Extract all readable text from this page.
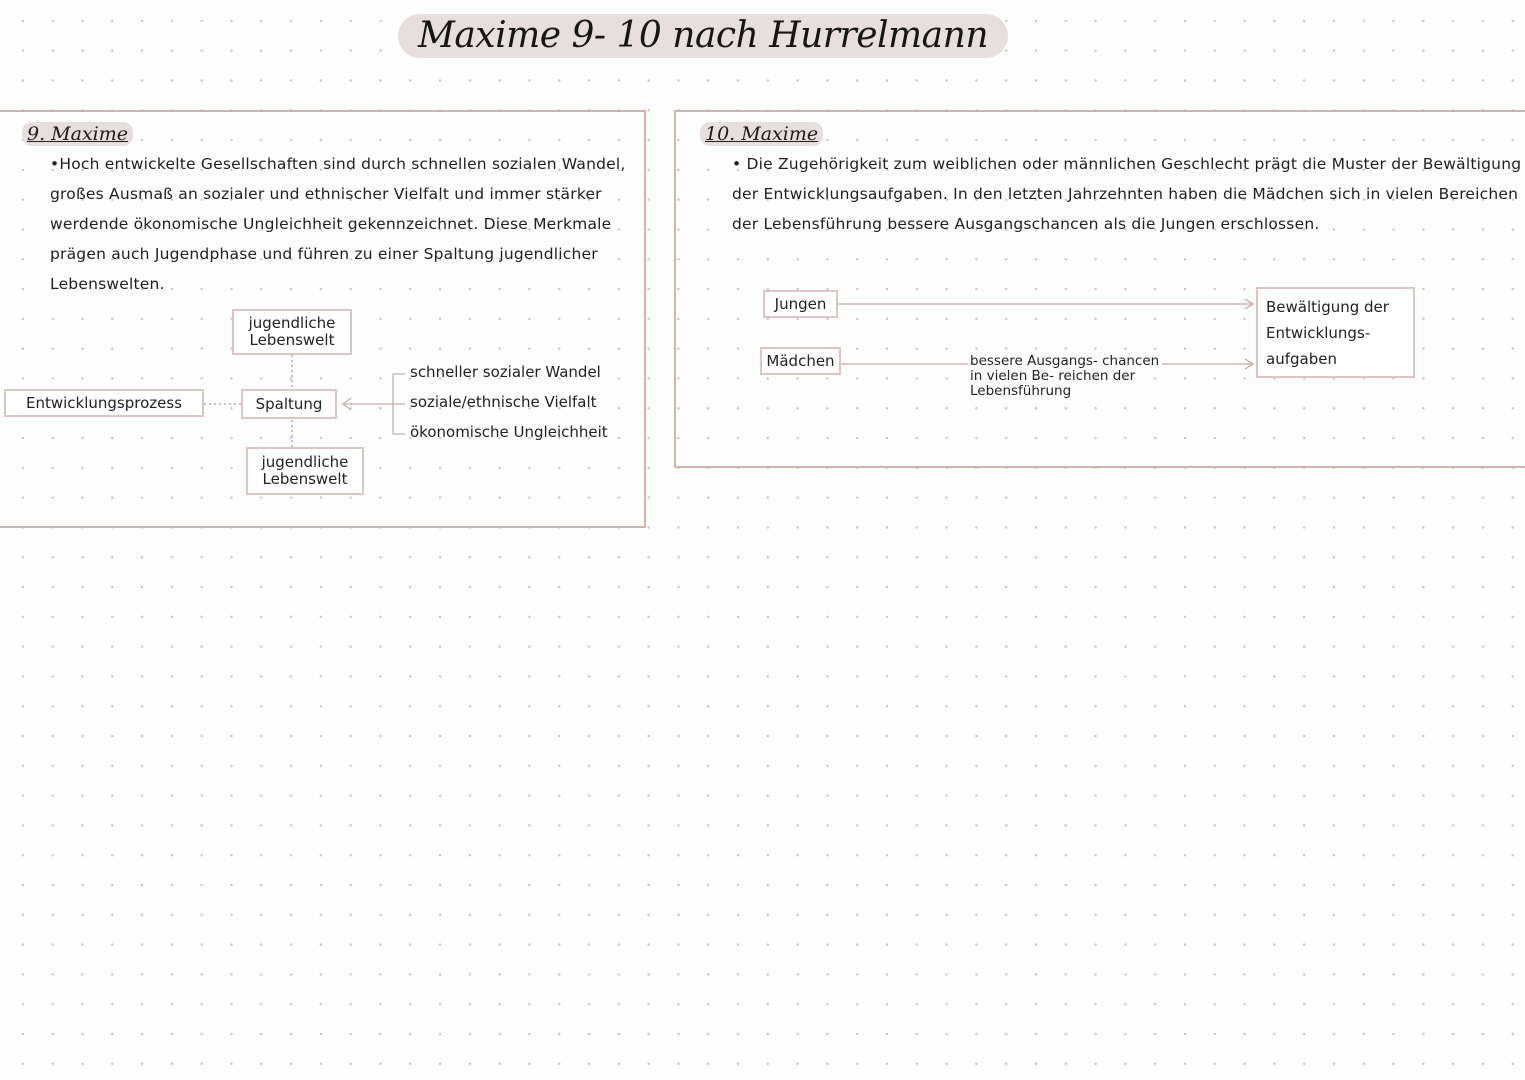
Maxime 9- 10 nach Hurrelmann
9. Maxime
•Hoch entwickelte Gesellschaften sind durch schnellen sozialen Wandel, großes Ausmaß an sozialer und ethnischer Vielfalt und immer stärker werdende ökonomische Ungleichheit gekennzeichnet. Diese Merkmale prägen auch Jugendphase und führen zu einer Spaltung jugendlicher Lebenswelten.
Entwicklungsprozess	Spaltung
jugendliche Lebenswelt
jugendliche Lebenswelt
schneller sozialer Wandel
soziale/ethnische Vielfalt
ökonomische Ungleichheit
10. Maxime
• Die Zugehörigkeit zum weiblichen oder männlichen Geschlecht prägt die Muster der Bewältigung der Entwicklungsaufgaben. In den letzten Jahrzehnten haben die Mädchen sich in vielen Bereichen der Lebensführung bessere Ausgangschancen als die Jungen erschlossen.
Jungen
Mädchen
Bewältigung der Entwicklungs- aufgaben
bessere Ausgangs- chancen in vielen Be- reichen der Lebensführung
